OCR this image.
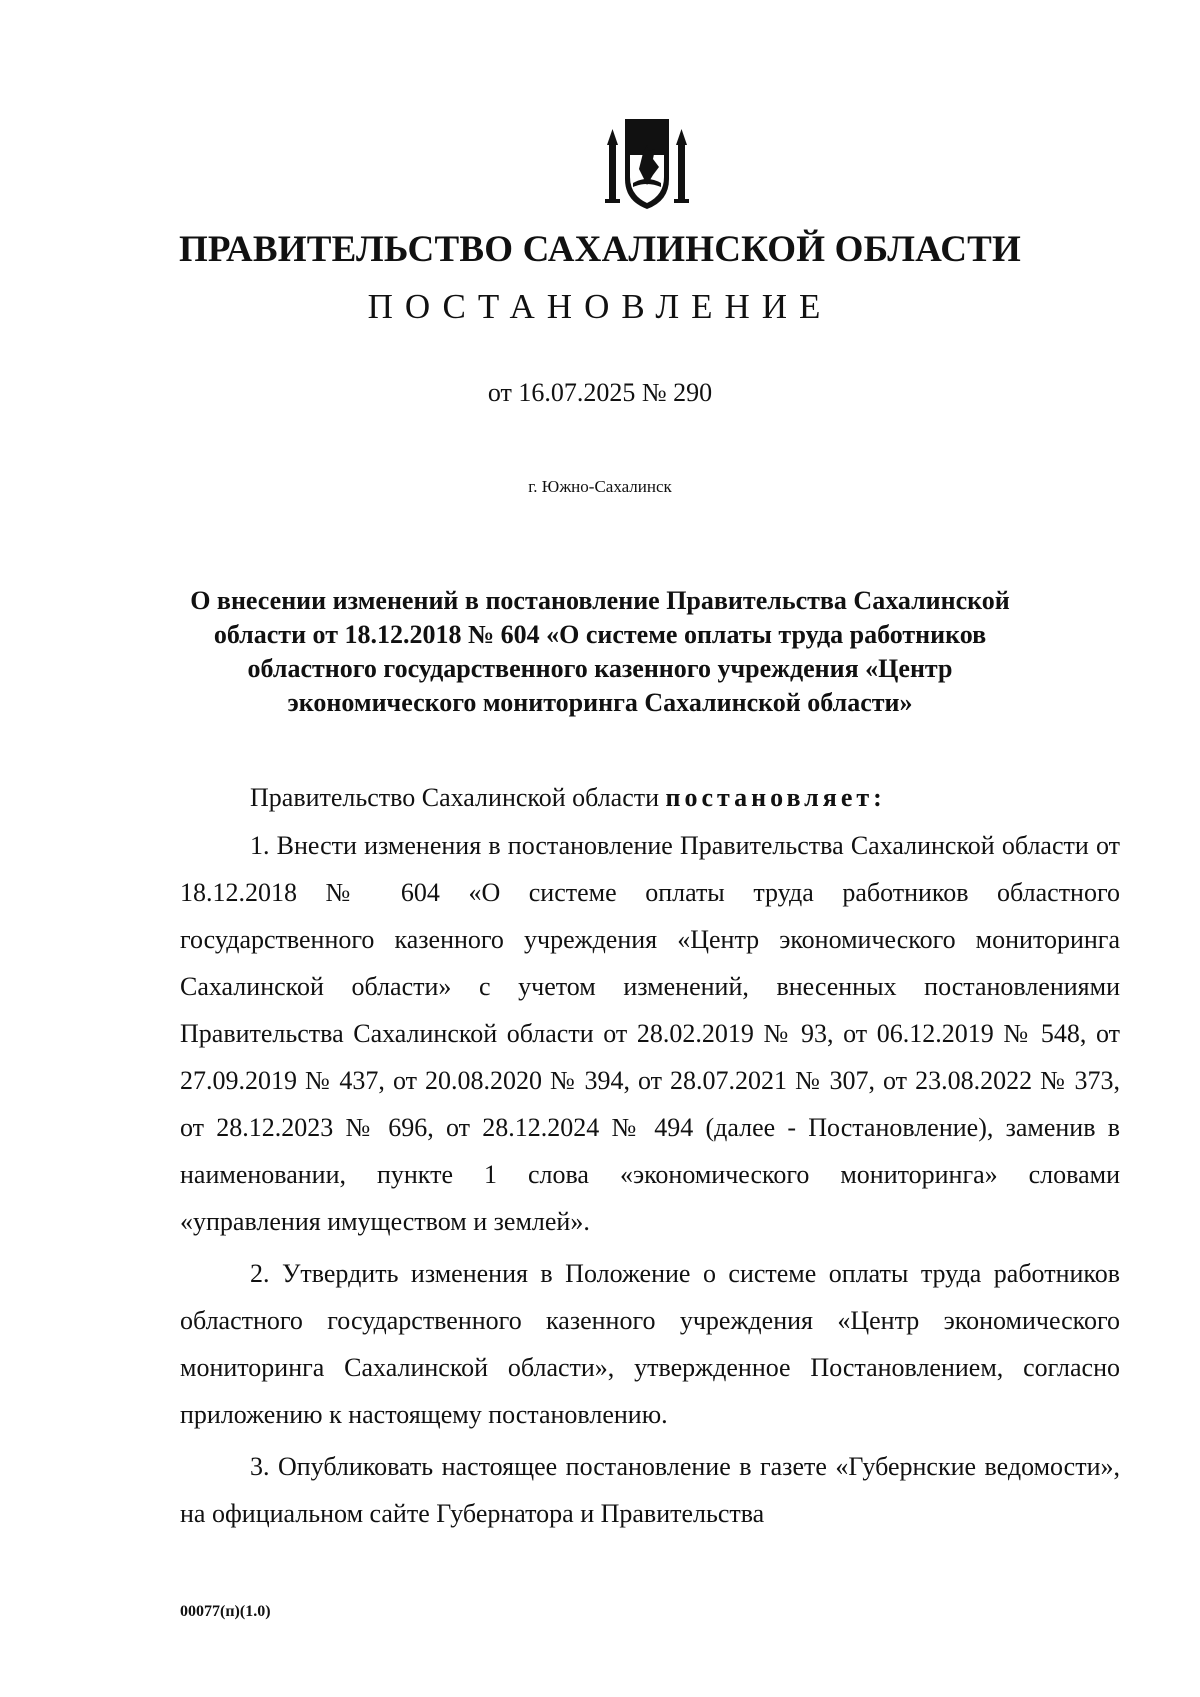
ПРАВИТЕЛЬСТВО САХАЛИНСКОЙ ОБЛАСТИ
ПОСТАНОВЛЕНИЕ
от 16.07.2025 № 290
г. Южно-Сахалинск
О внесении изменений в постановление Правительства Сахалинской области от 18.12.2018 № 604 «О системе оплаты труда работников областного государственного казенного учреждения «Центр экономического мониторинга Сахалинской области»

Правительство Сахалинской области постановляет:

1. Внести изменения в постановление Правительства Сахалинской области от 18.12.2018 № 604 «О системе оплаты труда работников областного государственного казенного учреждения «Центр экономического мониторинга Сахалинской области» с учетом изменений, внесенных постановлениями Правительства Сахалинской области от 28.02.2019 № 93, от 06.12.2019 № 548, от 27.09.2019 № 437, от 20.08.2020 № 394, от 28.07.2021 № 307, от 23.08.2022 № 373, от 28.12.2023 № 696, от 28.12.2024 № 494 (далее - Постановление), заменив в наименовании, пункте 1 слова «экономического мониторинга» словами «управления имуществом и землей».

2. Утвердить изменения в Положение о системе оплаты труда работников областного государственного казенного учреждения «Центр экономического мониторинга Сахалинской области», утвержденное Постановлением, согласно приложению к настоящему постановлению.

3. Опубликовать настоящее постановление в газете «Губернские ведомости», на официальном сайте Губернатора и Правительства

00077(п)(1.0)
